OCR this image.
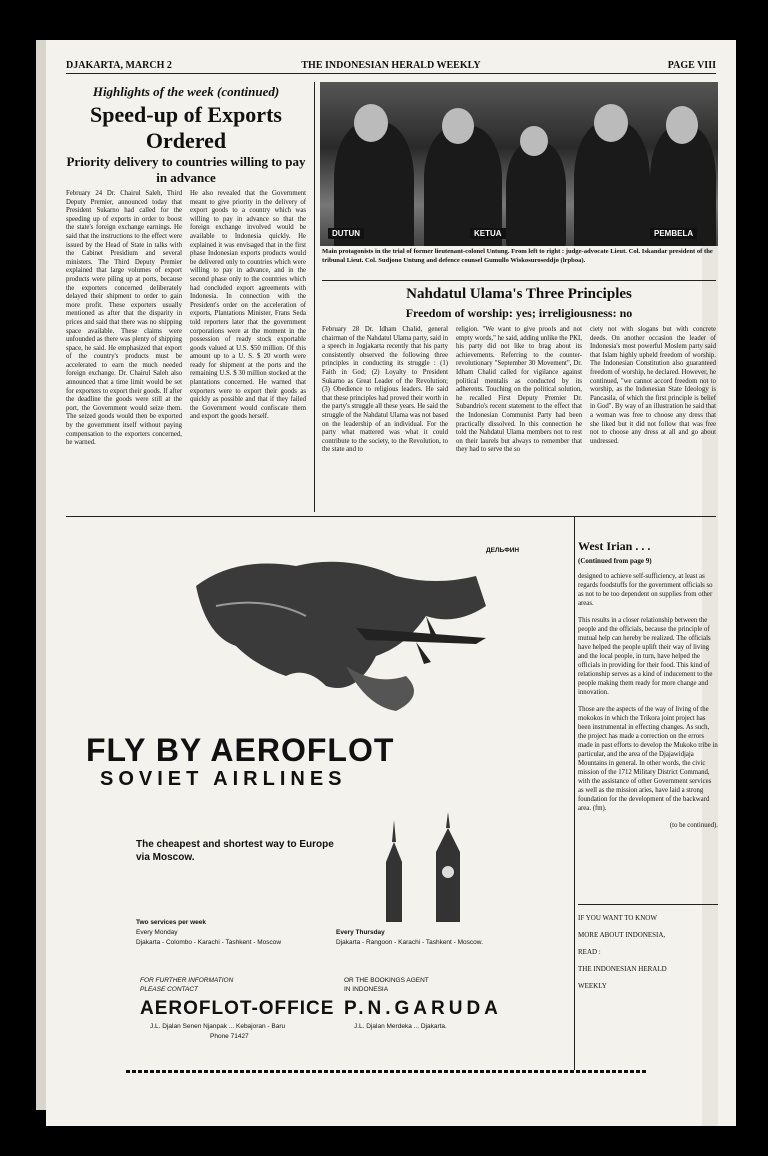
DJAKARTA, MARCH 2	THE INDONESIAN HERALD WEEKLY	PAGE VIII
Highlights of the week (continued)
Speed-up of Exports Ordered
Priority delivery to countries willing to pay in advance

February 24 Dr. Chairul Saleh, Third Deputy Premier, announced today that President Sukarno had called for the speeding up of exports in order to boost the state's foreign exchange earnings. He said that the instructions to the effect were issued by the Head of State in talks with the Cabinet Presidium and several ministers. The Third Deputy Premier explained that large volumes of export products were piling up at ports, because the exporters concerned deliberately delayed their shipment to order to gain more profit. These exporters usually mentioned as after that the disparity in prices and said that there was no shipping space available. These claims were unfounded as there was plenty of shipping space, he said. He emphasized that export of the country's products must be accelerated to earn the much needed foreign exchange. Dr. Chairul Saleh also announced that a time limit would be set for exporters to export their goods. If after the deadline the goods were still at the port, the Government would seize them. The seized goods would then be exported by the government itself without paying compensation to the exporters concerned, he warned.

He also revealed that the Government meant to give priority in the delivery of export goods to a country which was willing to pay in advance so that the foreign exchange involved would be available to Indonesia quickly. He explained it was envisaged that in the first phase Indonesian exports products would be delivered only to countries which were willing to pay in advance, and in the second phase only to the countries which had concluded export agreements with Indonesia. In connection with the President's order on the acceleration of exports, Plantations Minister, Frans Seda told reporters later that the government corporations were at the moment in the possession of ready stock exportable goods valued at U.S. $50 million. Of this amount up to a U. S. $ 20 worth were ready for shipment at the ports and the remaining U.S. $ 30 million stocked at the plantations concerned. He warned that exporters were to export their goods as quickly as possible and that if they failed the Government would confiscate them and export the goods herself.

DUTUN	KETUA	PEMBELA
Main protagonists in the trial of former lieutenant-colonel Untung. From left to right : judge-advocate Lieut. Col. Iskandar president of the tribunal Lieut. Col. Sudjono Untung and defence counsel Gumullo Wiskosuroseddjo (lrpboa).
Nahdatul Ulama's Three Principles
Freedom of worship: yes; irreligiousness: no

February 28 Dr. Idham Chalid, general chairman of the Nahdatul Ulama party, said in a speech in Jogjakarta recently that his party consistently observed the following three principles in conducting its struggle : (1) Faith in God; (2) Loyalty to President Sukarno as Great Leader of the Revolution; (3) Obedience to religious leaders. He said that these principles had proved their worth in the party's struggle all these years. He said the struggle of the Nahdatul Ulama was not based on the leadership of an individual. For the party what mattered was what it could contribute to the society, to the Revolution, to the state and to

religion. "We want to give proofs and not empty words," he said, adding unlike the PKI, his party did not like to brag about its achievements. Referring to the counter-revolutionary "September 30 Movement", Dr. Idham Chalid called for vigilance against political mentalis as conducted by its adherents. Touching on the political solution, he recalled First Deputy Premier Dr. Subandrio's recent statement to the effect that the Indonesian Communist Party had been practically dissolved. In this connection he told the Nahdatul Ulama members not to rest on their laurels but always to remember that they had to serve the so

ciety not with slogans but with concrete deeds. On another occasion the leader of Indonesia's most powerful Moslem party said that Islam highly upheld freedom of worship. The Indonesian Constitution also guaranteed freedom of worship, he declared. However, he continued, "we cannot accord freedom not to worship, as the Indonesian State Ideology is Pancasila, of which the first principle is belief in God". By way of an illustration he said that a woman was free to choose any dress that she liked but it did not follow that was free not to choose any dress at all and go about undressed.

ДЕЛЬФИН
FLY BY AEROFLOT
SOVIET AIRLINES
The cheapest and shortest way to Europe via Moscow.
Two services per week
Every Monday
Djakarta - Colombo - Karachi - Tashkent - Moscow
Every Thursday
Djakarta - Rangoon - Karachi - Tashkent - Moscow.
FOR FURTHER INFORMATION
PLEASE CONTACT
AEROFLOT-OFFICE
J.L. Djalan Senen Njanpak ... Kebajoran - Baru
Phone 71427
OR THE BOOKINGS AGENT
IN INDONESIA
P.N.GARUDA
J.L. Djalan Merdeka ... Djakarta.
West Irian . . .
(Continued from page 9)

designed to achieve self-sufficiency, at least as regards foodstuffs for the government officials so as not to be too dependent on supplies from other areas.

This results in a closer relationship between the people and the officials, because the principle of mutual help can hereby be realized. The officials have helped the people uplift their way of living and the local people, in turn, have helped the officials in providing for their food. This kind of relationship serves as a kind of inducement to the people making them ready for more change and innovation.

Those are the aspects of the way of living of the mokokos in which the Trikora joint project has been instrumental in effecting changes. As such, the project has made a correction on the errors made in past efforts to develop the Mukoko tribe in particular, and the area of the Djajawidjaja Mountains in general. In other words, the civic mission of the 1712 Military District Command, with the assistance of other Government services as well as the mission aries, have laid a strong foundation for the development of the backward area. (fm).

(to be continued).

IF YOU WANT TO KNOW

MORE ABOUT INDONESIA,

READ :

THE INDONESIAN HERALD

WEEKLY
